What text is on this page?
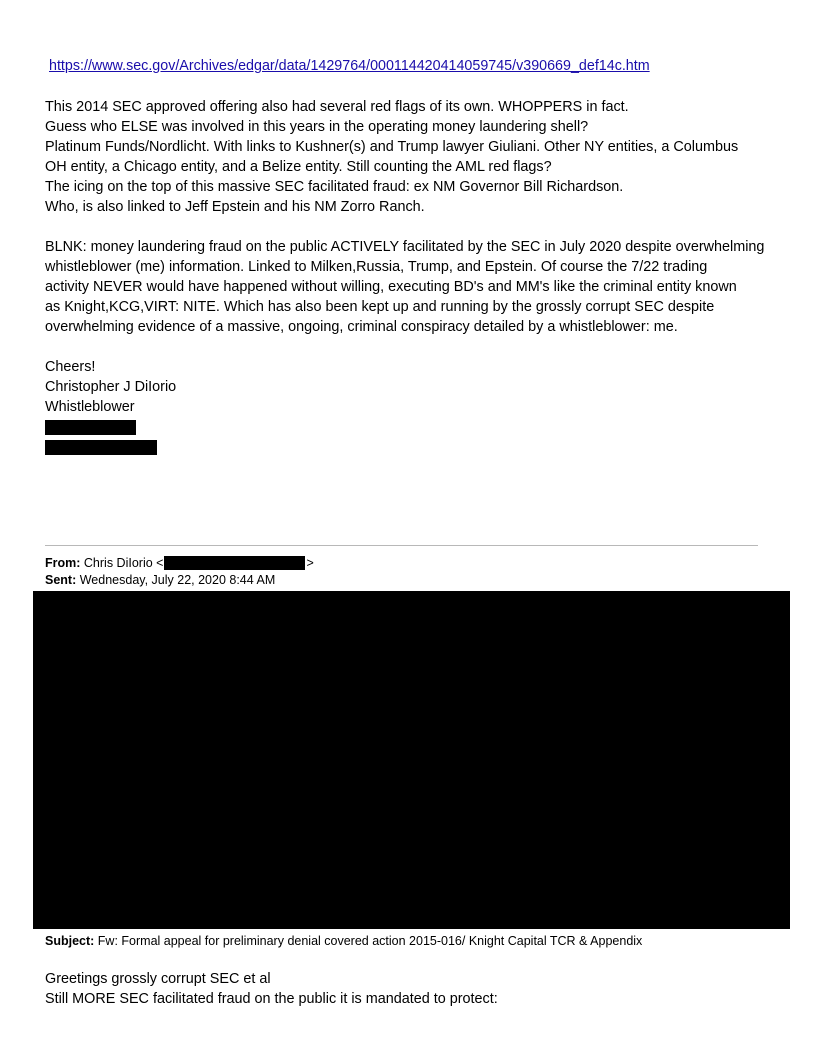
https://www.sec.gov/Archives/edgar/data/1429764/000114420414059745/v390669_def14c.htm
This 2014 SEC approved offering also had several red flags of its own. WHOPPERS in fact.
Guess who ELSE was involved in this years in the operating money laundering shell?
Platinum Funds/Nordlicht. With links to Kushner(s) and Trump lawyer Giuliani. Other NY entities, a Columbus
OH entity, a Chicago entity, and a Belize entity. Still counting the AML red flags?
The icing on the top of this massive SEC facilitated fraud: ex NM Governor Bill Richardson.
Who, is also linked to Jeff Epstein and his NM Zorro Ranch.
BLNK: money laundering fraud on the public ACTIVELY facilitated by the SEC in July 2020 despite overwhelming
whistleblower (me) information. Linked to Milken,Russia, Trump, and Epstein. Of course the 7/22 trading
activity NEVER would have happened without willing, executing BD's and MM's like the criminal entity known
as Knight,KCG,VIRT: NITE. Which has also been kept up and running by the grossly corrupt SEC despite
overwhelming evidence of a massive, ongoing, criminal conspiracy detailed by a whistleblower: me.
Cheers!
Christopher J DiIorio
Whistleblower
From:
Chris DiIorio <	>
Sent: Wednesday, July 22, 2020 8:44 AM
Subject: Fw: Formal appeal for preliminary denial covered action 2015-016/ Knight Capital TCR & Appendix
Greetings grossly corrupt SEC et al
Still MORE SEC facilitated fraud on the public it is mandated to protect:
